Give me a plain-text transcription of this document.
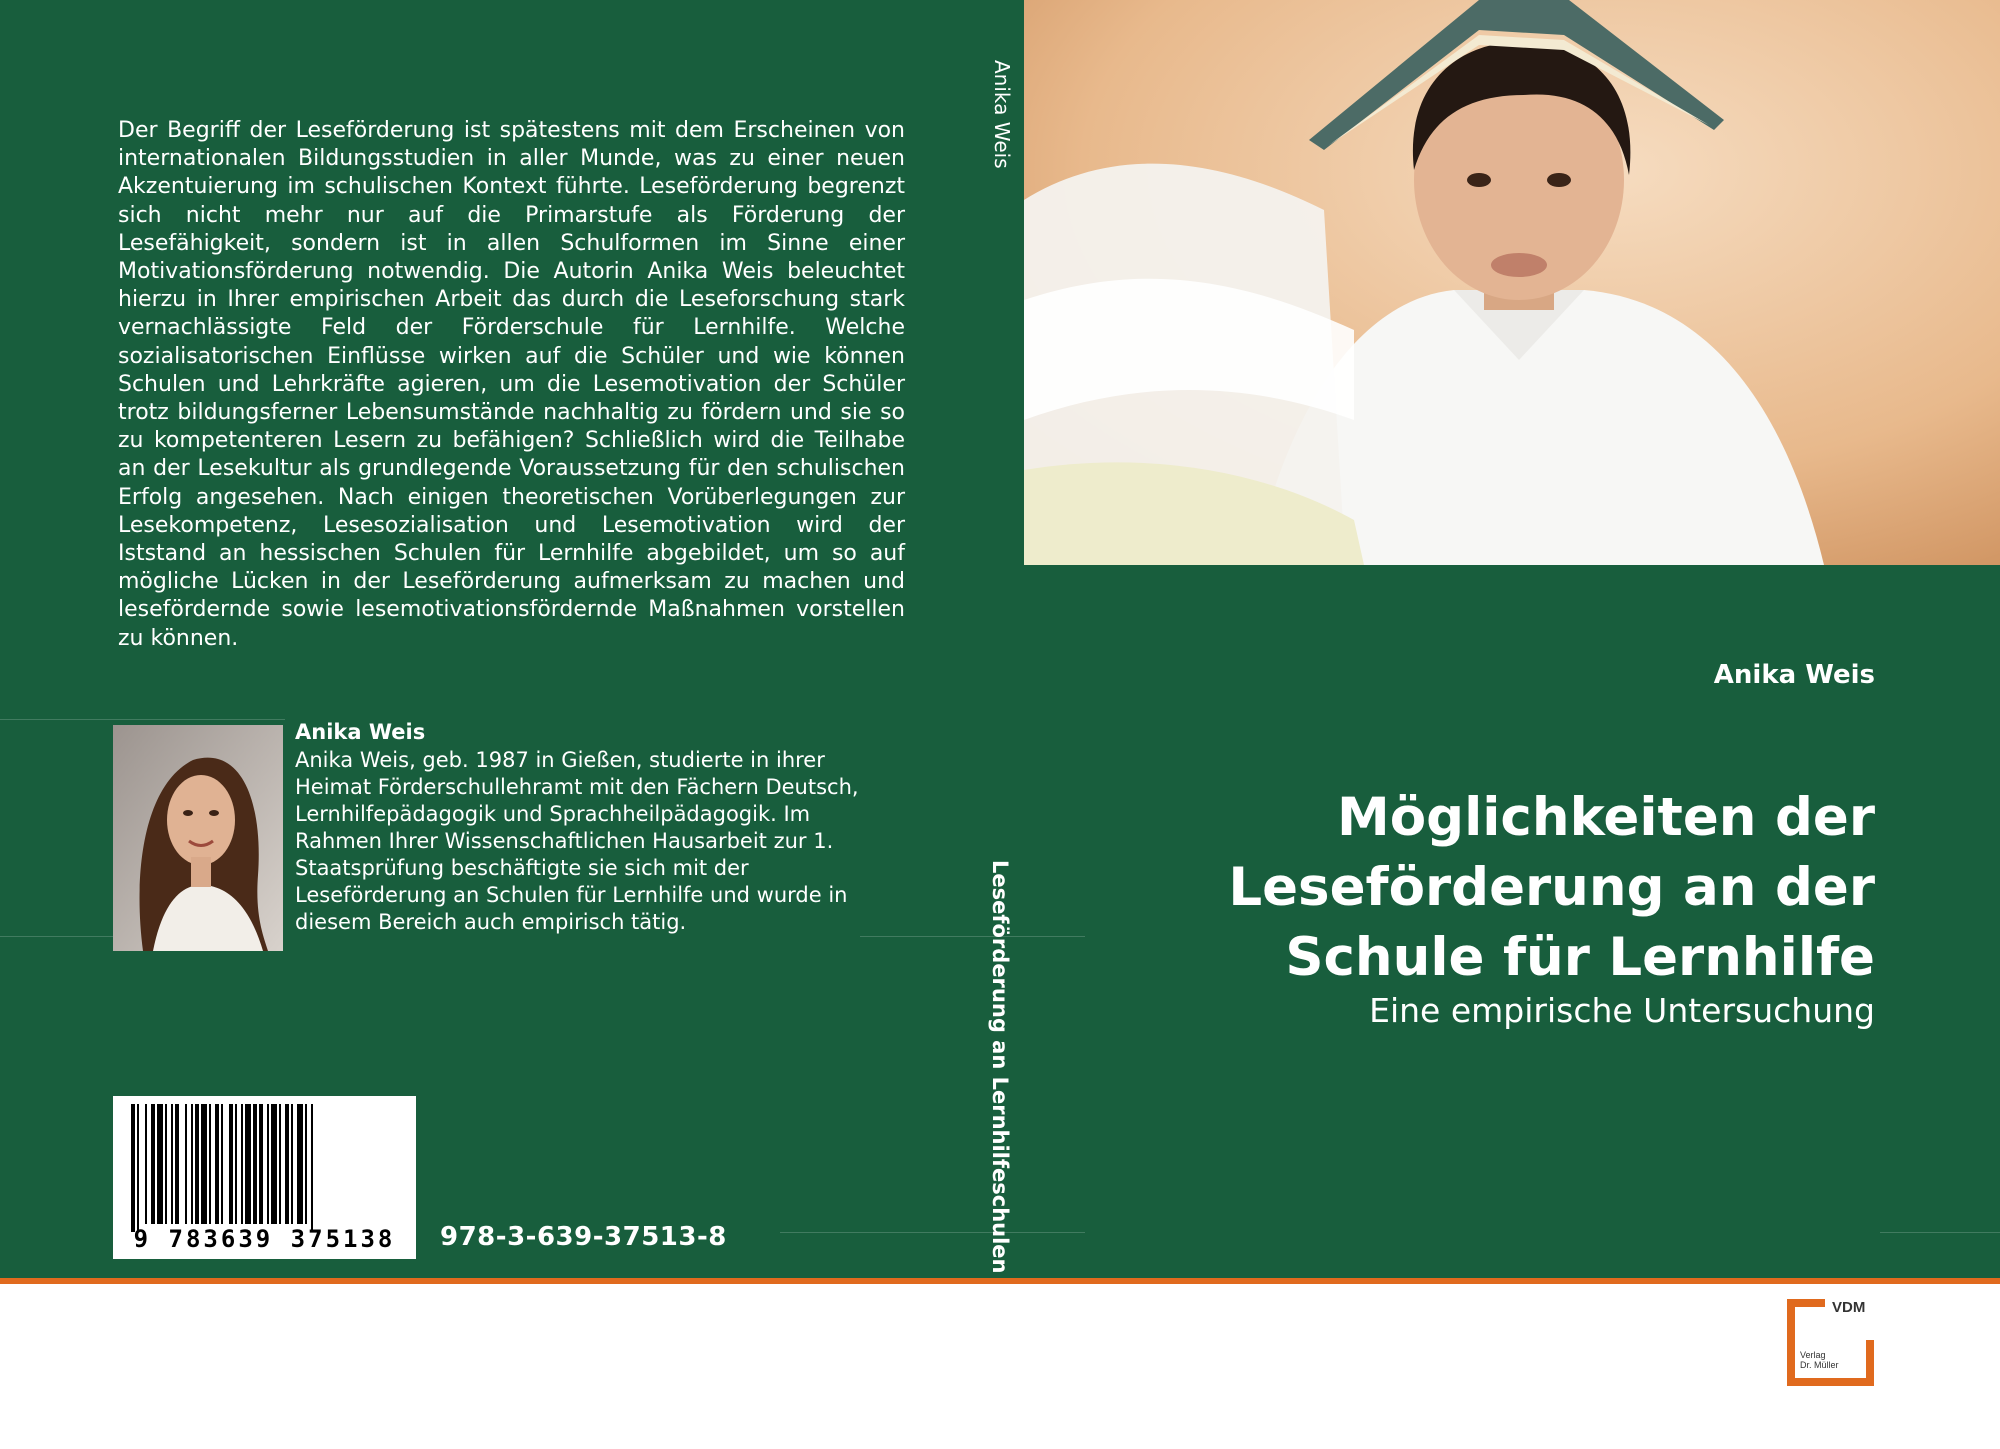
Der Begriff der Leseförderung ist spätestens mit dem Erscheinen von internationalen Bildungsstudien in aller Munde, was zu einer neuen Akzentuierung im schulischen Kontext führte. Leseförderung begrenzt sich nicht mehr nur auf die Primarstufe als Förderung der Lesefähigkeit, sondern ist in allen Schulformen im Sinne einer Motivationsförderung notwendig. Die Autorin Anika Weis beleuchtet hierzu in Ihrer empirischen Arbeit das durch die Leseforschung stark vernachlässigte Feld der Förderschule für Lernhilfe. Welche sozialisatorischen Einflüsse wirken auf die Schüler und wie können Schulen und Lehrkräfte agieren, um die Lesemotivation der Schüler trotz bildungsferner Lebensumstände nachhaltig zu fördern und sie so zu kompetenteren Lesern zu befähigen? Schließlich wird die Teilhabe an der Lesekultur als grundlegende Voraussetzung für den schulischen Erfolg angesehen. Nach einigen theoretischen Vorüberlegungen zur Lesekompetenz, Lesesozialisation und Lesemotivation wird der Iststand an hessischen Schulen für Lernhilfe abgebildet, um so auf mögliche Lücken in der Leseförderung aufmerksam zu machen und lesefördernde sowie lesemotivationsfördernde Maßnahmen vorstellen zu können.

Anika Weis

Anika Weis, geb. 1987 in Gießen, studierte in ihrer Heimat Förderschullehramt mit den Fächern Deutsch, Lernhilfepädagogik und Sprachheilpädagogik. Im Rahmen Ihrer Wissenschaftlichen Hausarbeit zur 1. Staatsprüfung beschäftigte sie sich mit der Leseförderung an Schulen für Lernhilfe und wurde in diesem Bereich auch empirisch tätig.

9 783639 375138	978-3-639-37513-8
Anika Weis
Leseförderung an Lernhilfeschulen

Anika Weis

Möglichkeiten der Leseförderung an der Schule für Lernhilfe

Eine empirische Untersuchung

VDM
Verlag
Dr. Müller
